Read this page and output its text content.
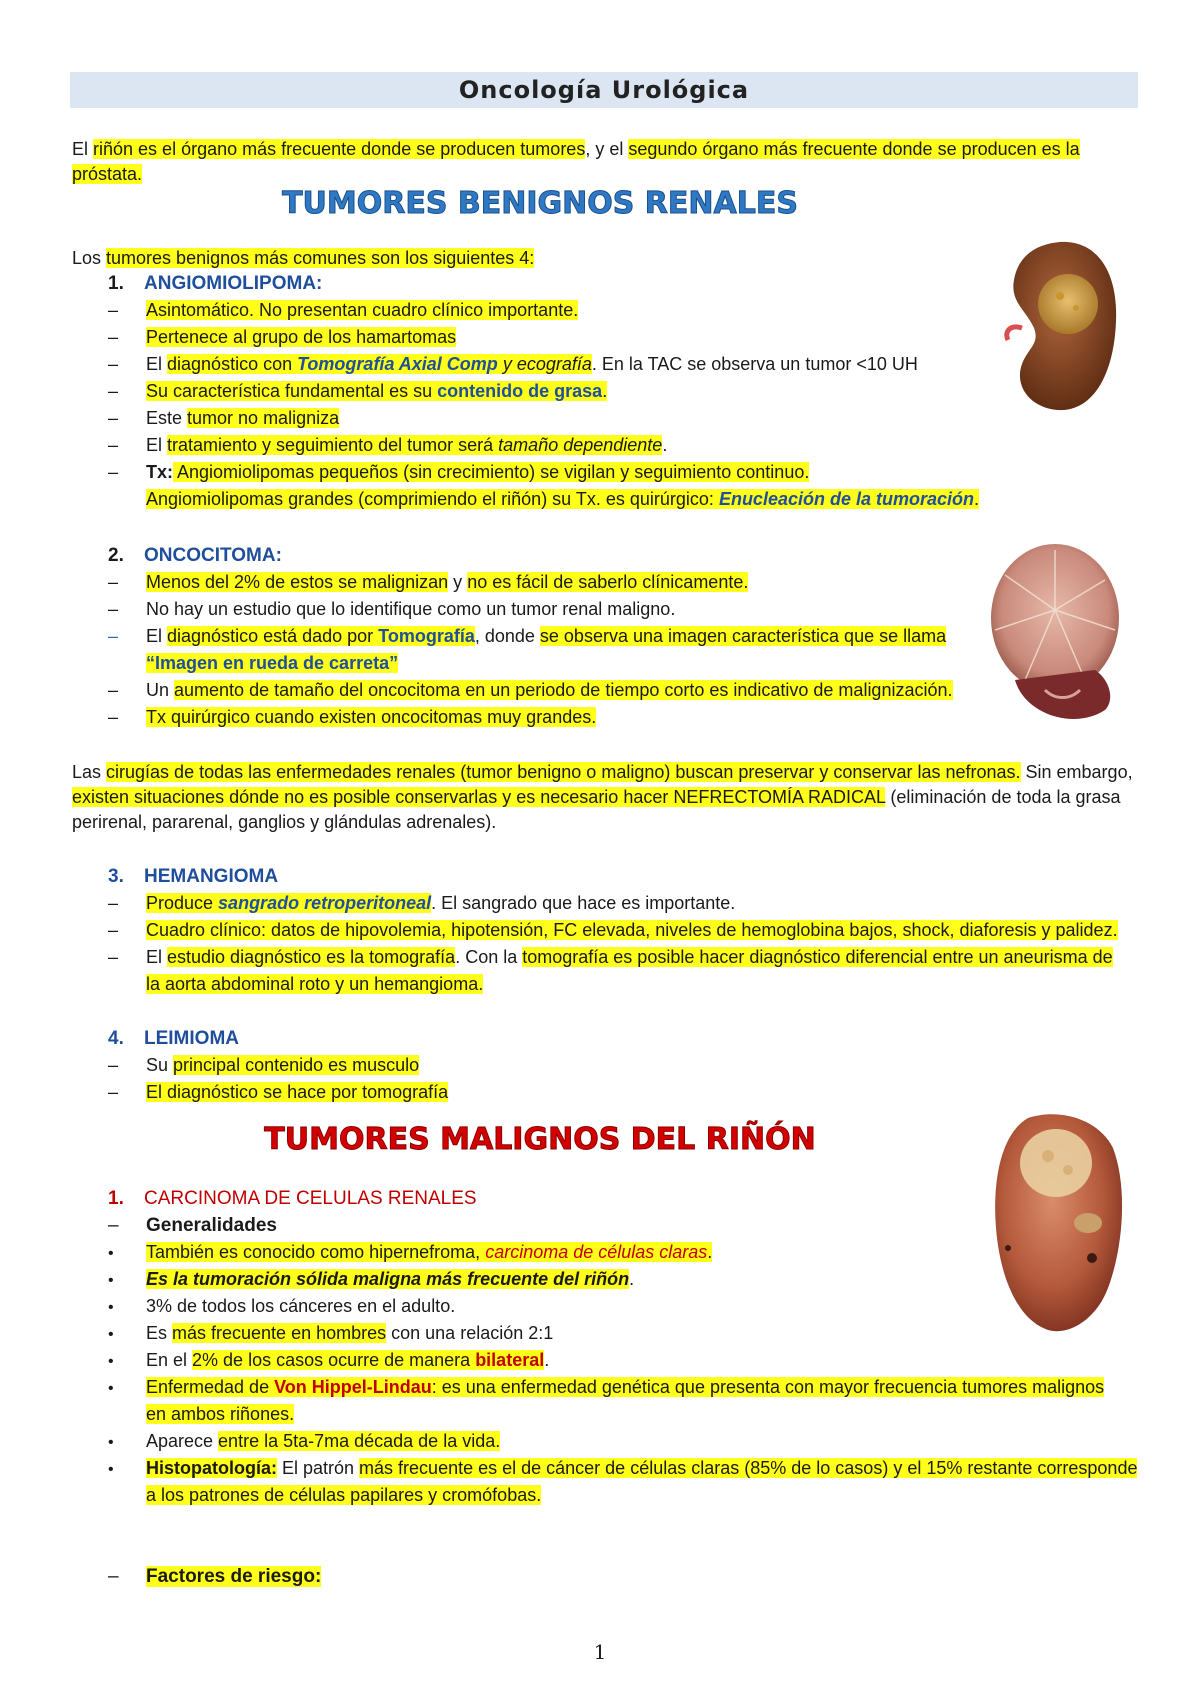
Oncología Urológica
El riñón es el órgano más frecuente donde se producen tumores, y el segundo órgano más frecuente donde se producen es la
próstata.
TUMORES BENIGNOS RENALES
Los tumores benignos más comunes son los siguientes 4:
1. ANGIOMIOLIPOMA:
– Asintomático. No presentan cuadro clínico importante.
– Pertenece al grupo de los hamartomas
– El diagnóstico con Tomografía Axial Comp y ecografía. En la TAC se observa un tumor <10 UH
– Su característica fundamental es su contenido de grasa.
– Este tumor no maligniza
– El tratamiento y seguimiento del tumor será tamaño dependiente.
– Tx: Angiomiolipomas pequeños (sin crecimiento) se vigilan y seguimiento continuo.
Angiomiolipomas grandes (comprimiendo el riñón) su Tx. es quirúrgico: Enucleación de la tumoración.
2. ONCOCITOMA:
– Menos del 2% de estos se malignizan y no es fácil de saberlo clínicamente.
– No hay un estudio que lo identifique como un tumor renal maligno.
– El diagnóstico está dado por Tomografía, donde se observa una imagen característica que se llama
“Imagen en rueda de carreta”
– Un aumento de tamaño del oncocitoma en un periodo de tiempo corto es indicativo de malignización.
– Tx quirúrgico cuando existen oncocitomas muy grandes.
Las cirugías de todas las enfermedades renales (tumor benigno o maligno) buscan preservar y conservar las nefronas. Sin embargo,
existen situaciones dónde no es posible conservarlas y es necesario hacer NEFRECTOMÍA RADICAL (eliminación de toda la grasa
perirenal, pararenal, ganglios y glándulas adrenales).
3. HEMANGIOMA
– Produce sangrado retroperitoneal. El sangrado que hace es importante.
– Cuadro clínico: datos de hipovolemia, hipotensión, FC elevada, niveles de hemoglobina bajos, shock, diaforesis y palidez.
– El estudio diagnóstico es la tomografía. Con la tomografía es posible hacer diagnóstico diferencial entre un aneurisma de
la aorta abdominal roto y un hemangioma.
4. LEIMIOMA
– Su principal contenido es musculo
– El diagnóstico se hace por tomografía
TUMORES MALIGNOS DEL RIÑÓN
1. CARCINOMA DE CELULAS RENALES
– Generalidades
• También es conocido como hipernefroma, carcinoma de células claras.
• Es la tumoración sólida maligna más frecuente del riñón.
• 3% de todos los cánceres en el adulto.
• Es más frecuente en hombres con una relación 2:1
• En el 2% de los casos ocurre de manera bilateral.
• Enfermedad de Von Hippel-Lindau: es una enfermedad genética que presenta con mayor frecuencia tumores malignos
en ambos riñones.
• Aparece entre la 5ta-7ma década de la vida.
• Histopatología: El patrón más frecuente es el de cáncer de células claras (85% de lo casos) y el 15% restante corresponde
a los patrones de células papilares y cromófobas.
– Factores de riesgo:
1
